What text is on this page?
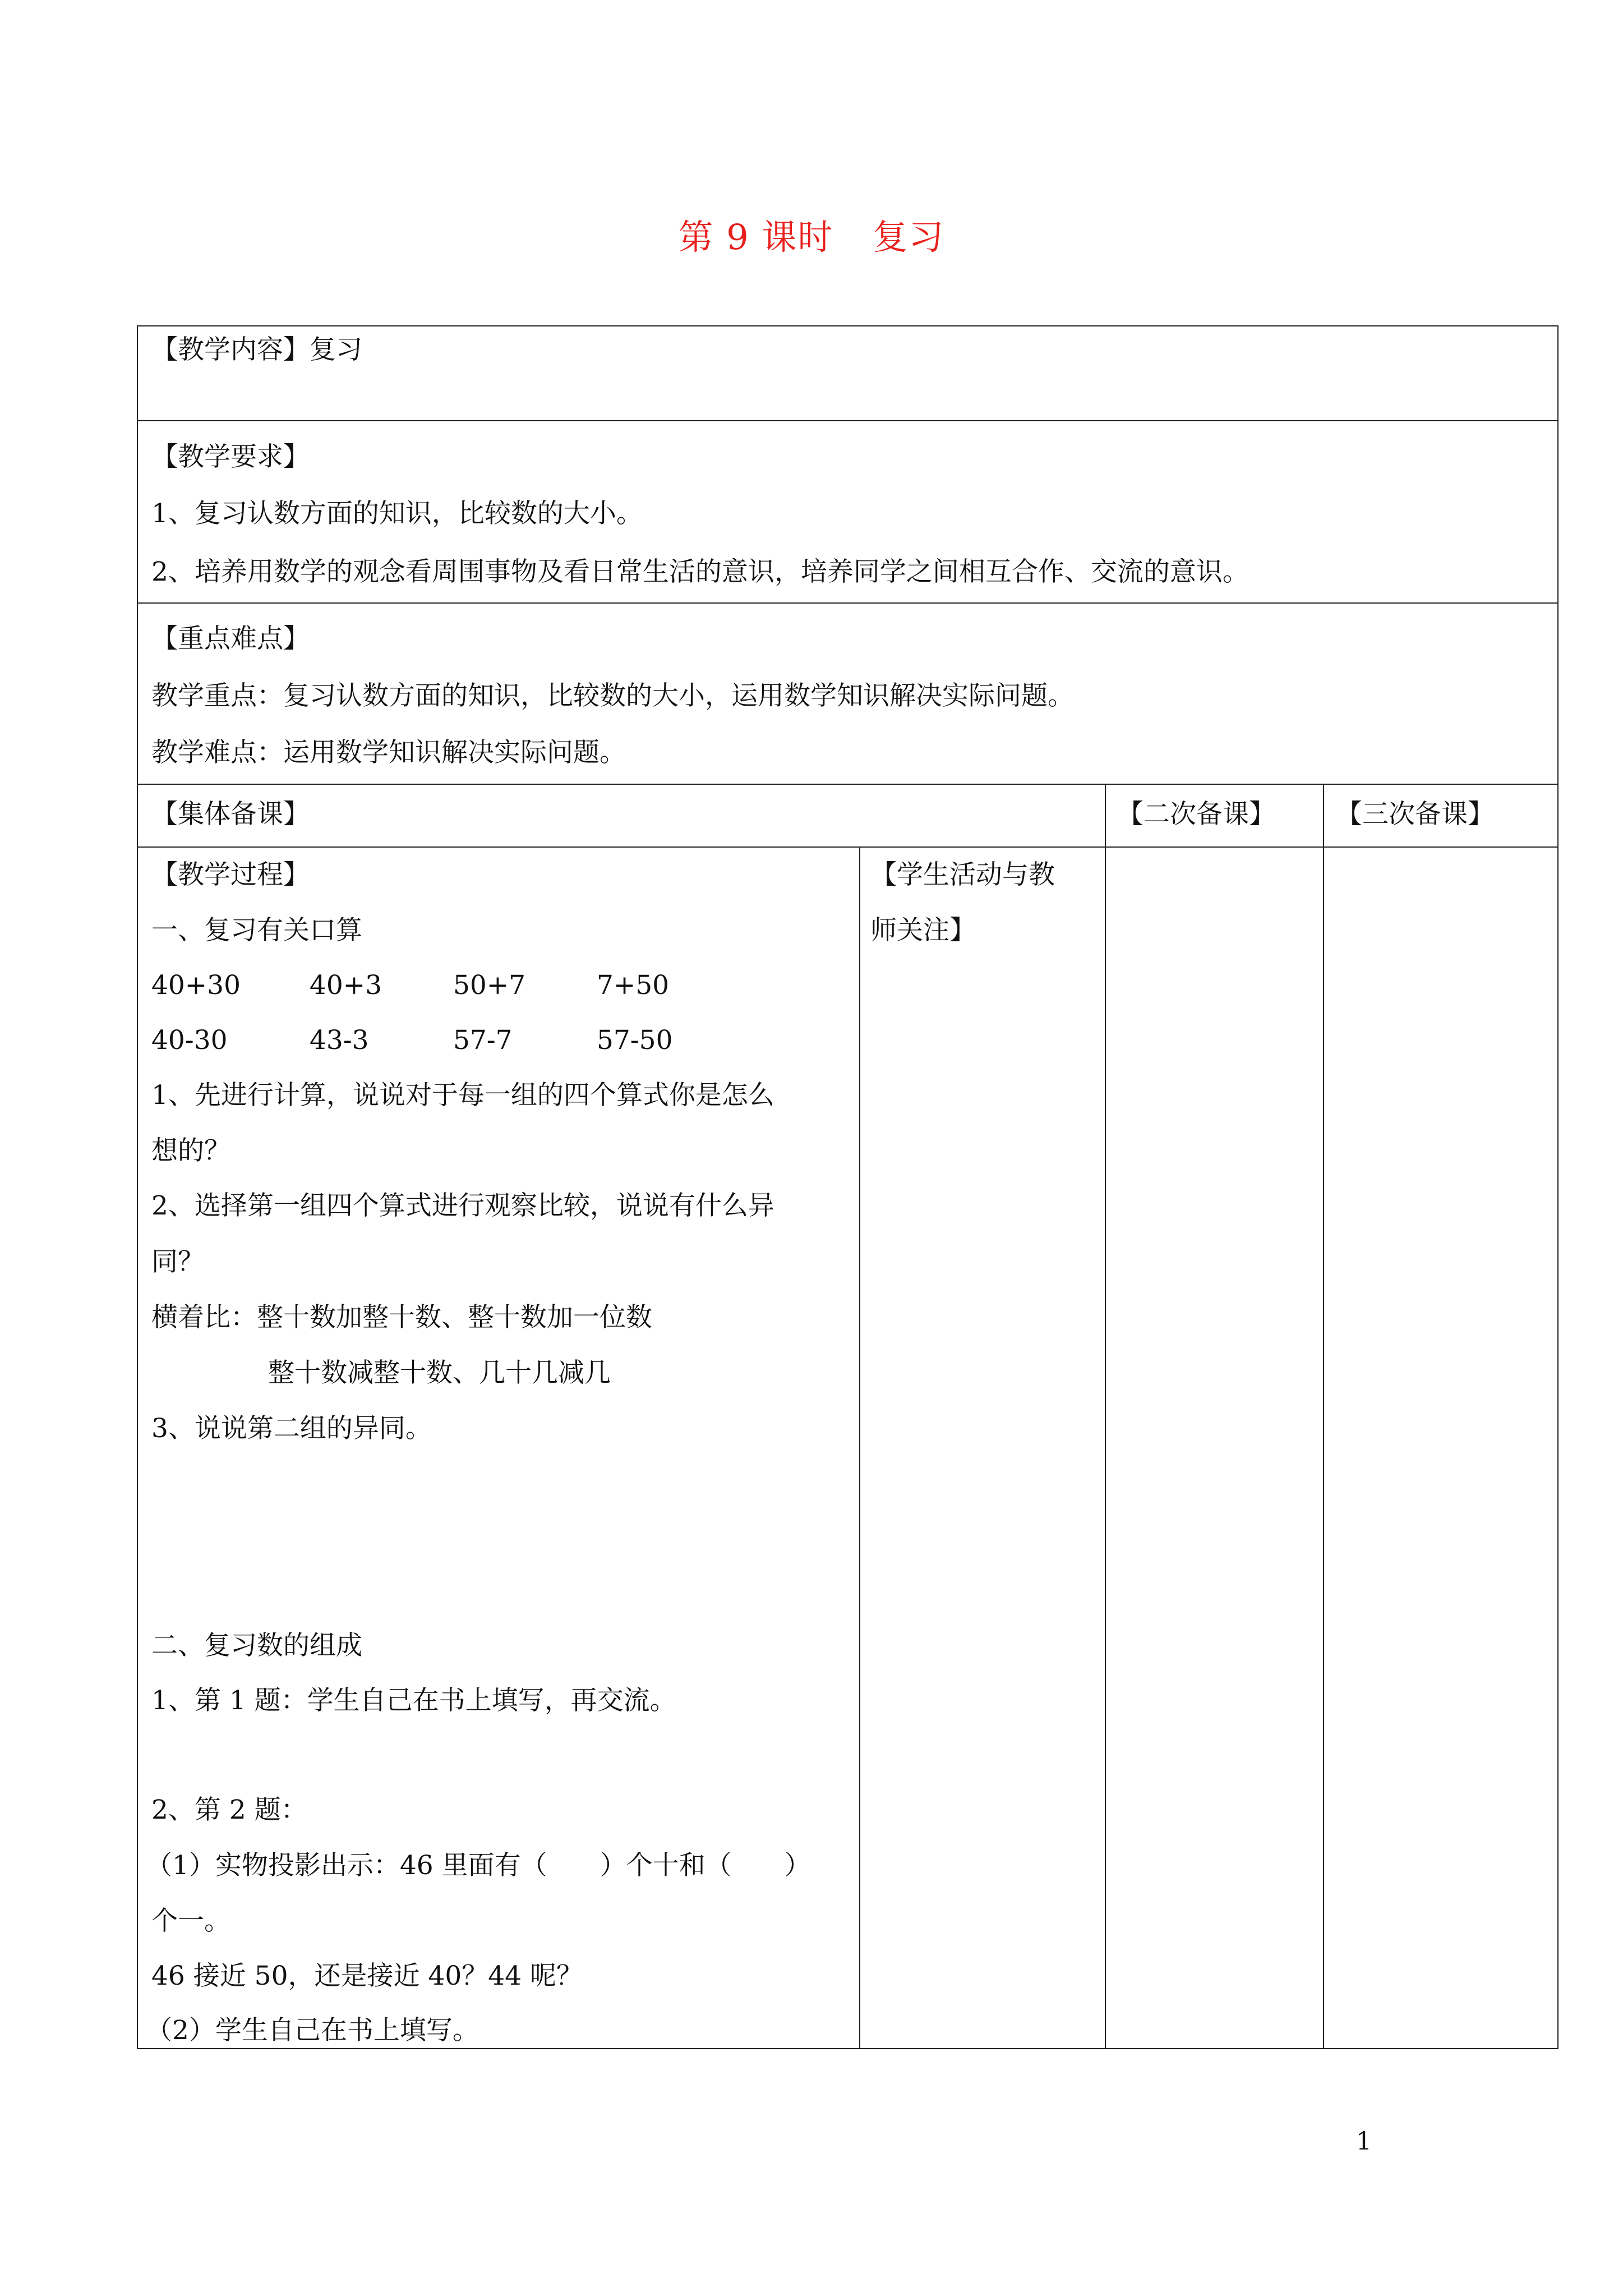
第 9 课时 复习
【教学内容】复习
【教学要求】
1、复习认数方面的知识，比较数的大小。
2、培养用数学的观念看周围事物及看日常生活的意识，培养同学之间相互合作、交流的意识。
【重点难点】
教学重点：复习认数方面的知识，比较数的大小，运用数学知识解决实际问题。
教学难点：运用数学知识解决实际问题。
【集体备课】	【二次备课】 【三次备课】
【教学过程】
一、复习有关口算
40+30	40+3	50+7	7+50
40-30	43-3	57-7	57-50
1、先进行计算，说说对于每一组的四个算式你是怎么
想的？
2、选择第一组四个算式进行观察比较，说说有什么异
同？
横着比：整十数加整十数、整十数加一位数
整十数减整十数、几十几减几
3、说说第二组的异同。
二、复习数的组成
1、第 1 题：学生自己在书上填写，再交流。
2、第 2 题：
（1）实物投影出示：46 里面有（　　）个十和（　　）
个一。
46 接近 50，还是接近 40？44 呢？
（2）学生自己在书上填写。
【学生活动与教
师关注】
1
